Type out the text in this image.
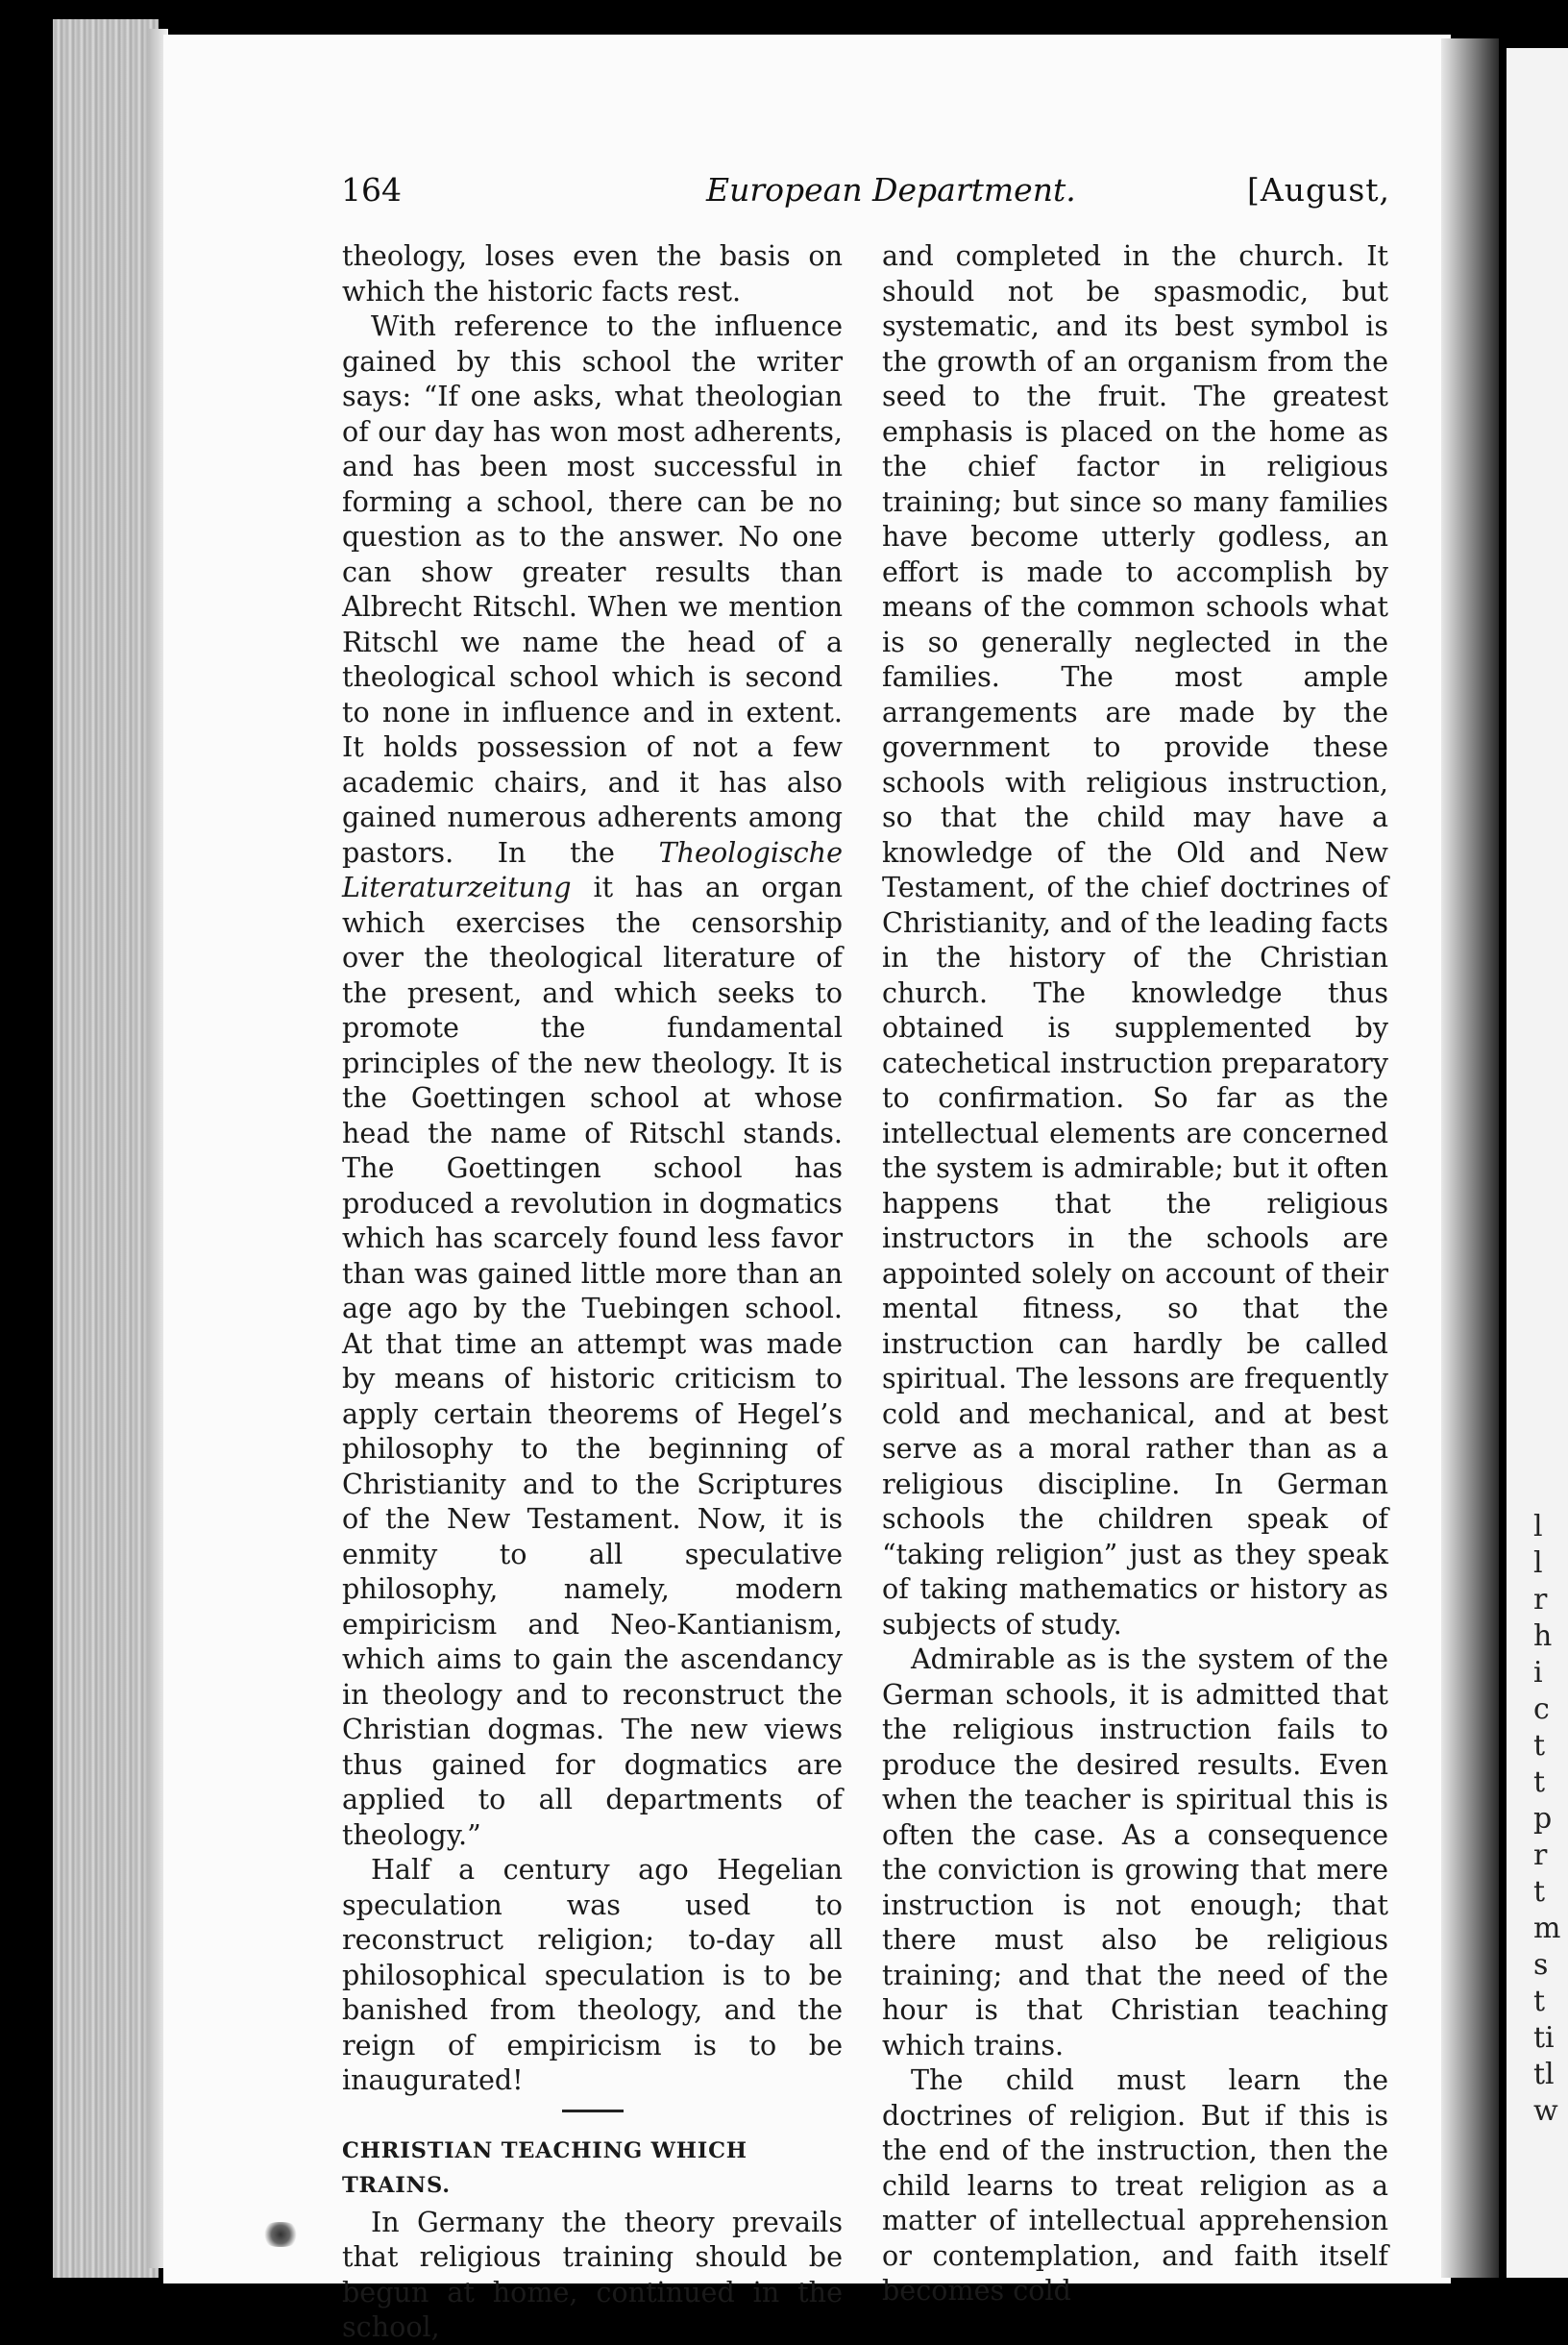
l
l
r
h
i
c
t
t
p
r
t
m
s
t
ti
tl
w
164	European Department.	[August,

theology, loses even the basis on which the historic facts rest.

With reference to the influence gained by this school the writer says: “If one asks, what theologian of our day has won most adherents, and has been most successful in forming a school, there can be no question as to the answer. No one can show greater results than Albrecht Ritschl. When we mention Ritschl we name the head of a theological school which is second to none in influence and in extent. It holds possession of not a few academic chairs, and it has also gained numerous adherents among pastors. In the Theologische Literaturzeitung it has an organ which exercises the censorship over the theological literature of the present, and which seeks to promote the fundamental principles of the new theology. It is the Goettingen school at whose head the name of Ritschl stands. The Goettingen school has produced a revolution in dogmatics which has scarcely found less favor than was gained little more than an age ago by the Tuebingen school. At that time an attempt was made by means of historic criticism to apply certain theorems of Hegel’s philosophy to the beginning of Christianity and to the Scriptures of the New Testament. Now, it is enmity to all speculative philosophy, namely, modern empiricism and Neo-Kantianism, which aims to gain the ascendancy in theology and to reconstruct the Christian dogmas. The new views thus gained for dogmatics are applied to all departments of theology.”

Half a century ago Hegelian speculation was used to reconstruct religion; to-day all philosophical speculation is to be banished from theology, and the reign of empiricism is to be inaugurated!

CHRISTIAN TEACHING WHICH TRAINS.

In Germany the theory prevails that religious training should be begun at home, continued in the school,

and completed in the church. It should not be spasmodic, but systematic, and its best symbol is the growth of an organism from the seed to the fruit. The greatest emphasis is placed on the home as the chief factor in religious training; but since so many families have become utterly godless, an effort is made to accomplish by means of the common schools what is so generally neglected in the families. The most ample arrangements are made by the government to provide these schools with religious instruction, so that the child may have a knowledge of the Old and New Testament, of the chief doctrines of Christianity, and of the leading facts in the history of the Christian church. The knowledge thus obtained is supplemented by catechetical instruction preparatory to confirmation. So far as the intellectual elements are concerned the system is admirable; but it often happens that the religious instructors in the schools are appointed solely on account of their mental fitness, so that the instruction can hardly be called spiritual. The lessons are frequently cold and mechanical, and at best serve as a moral rather than as a religious discipline. In German schools the children speak of “taking religion” just as they speak of taking mathematics or history as subjects of study.

Admirable as is the system of the German schools, it is admitted that the religious instruction fails to produce the desired results. Even when the teacher is spiritual this is often the case. As a consequence the conviction is growing that mere instruction is not enough; that there must also be religious training; and that the need of the hour is that Christian teaching which trains.

The child must learn the doctrines of religion. But if this is the end of the instruction, then the child learns to treat religion as a matter of intellectual apprehension or contemplation, and faith itself becomes cold
